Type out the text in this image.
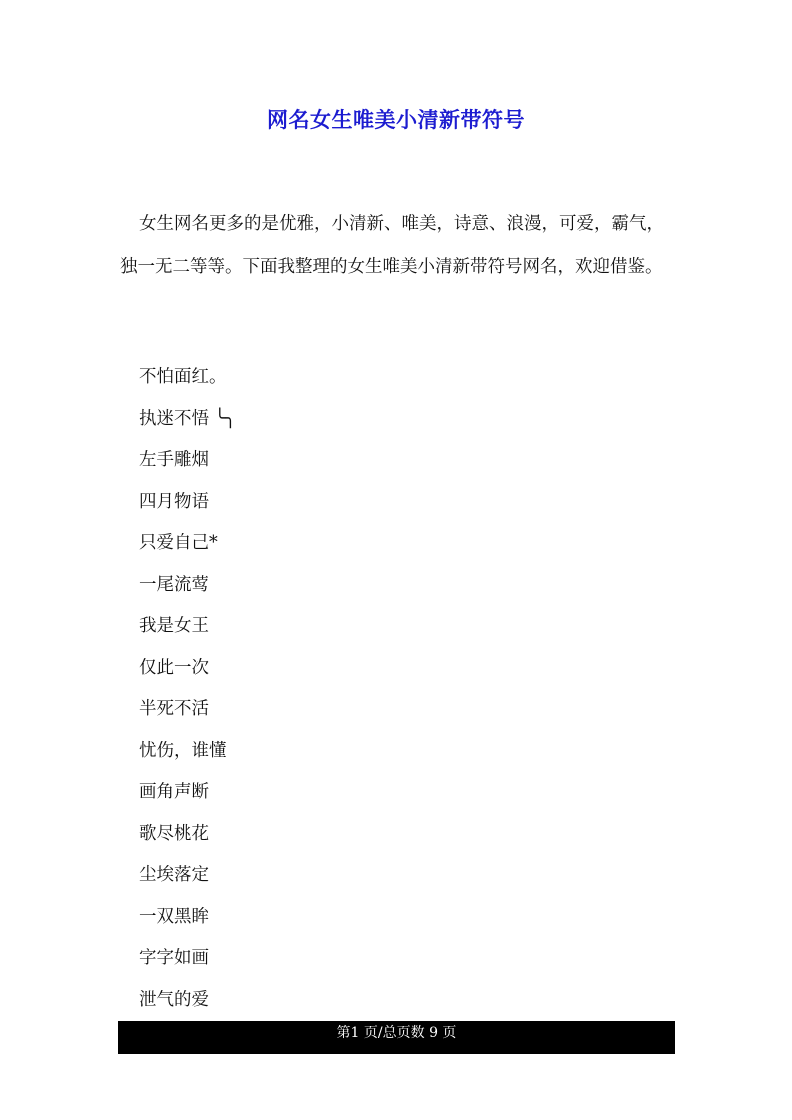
网名女生唯美小清新带符号

女生网名更多的是优雅，小清新、唯美，诗意、浪漫，可爱，霸气，独一无二等等。下面我整理的女生唯美小清新带符号网名，欢迎借鉴。

不怕面红。
执迷不悟 ╰╮
左手雕烟
四月物语
只爱自己*
一尾流莺
我是女王
仅此一次
半死不活
忧伤，谁懂
画角声断
歌尽桃花
尘埃落定
一双黑眸
字字如画
泄气的爱
第1 页/总页数 9 页
